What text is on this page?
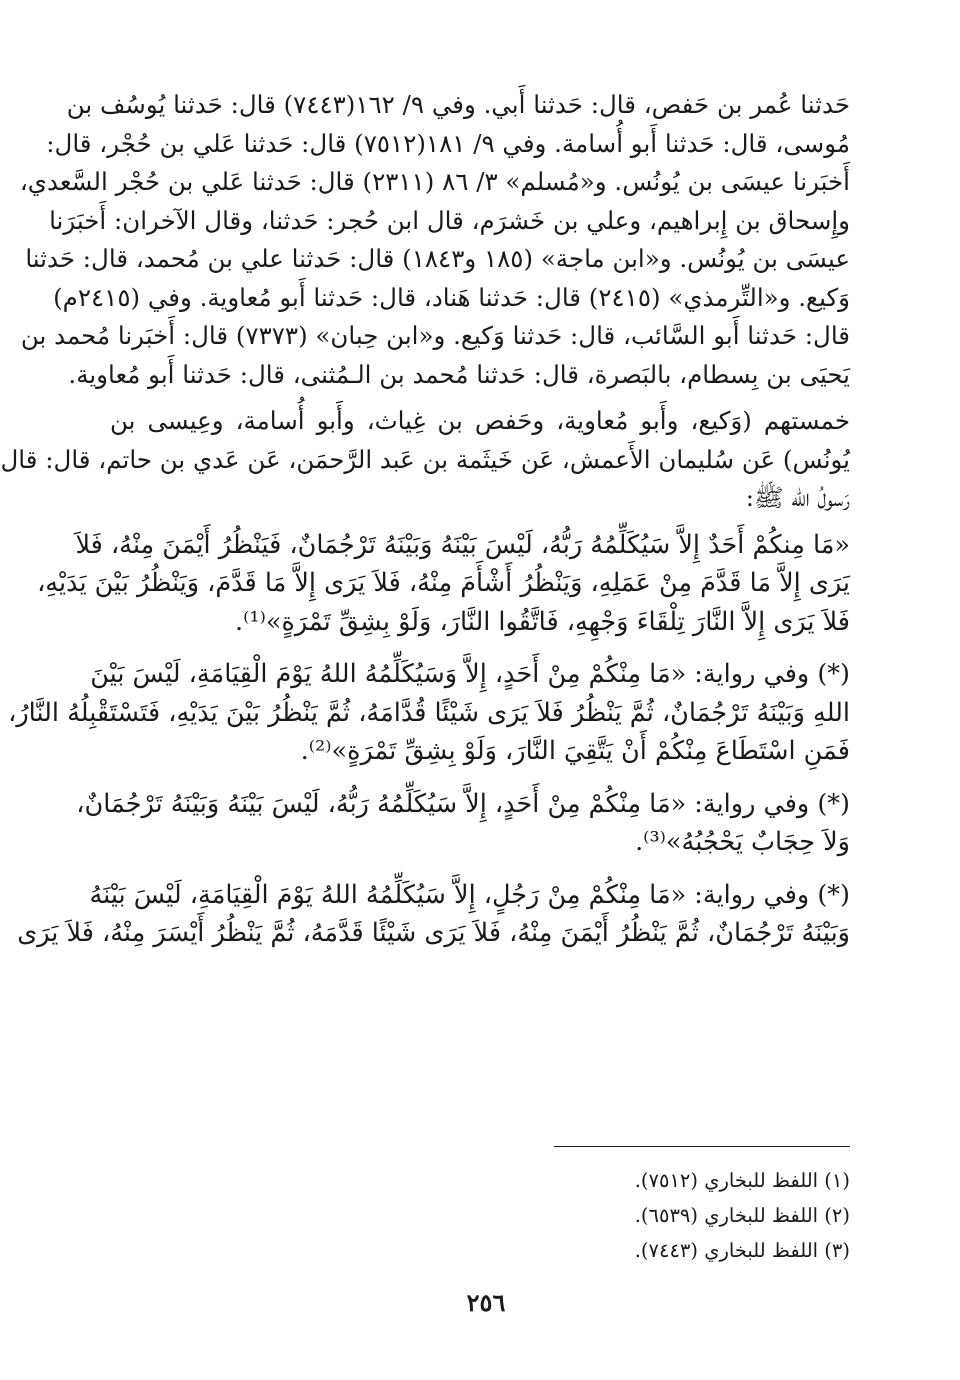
حَدثنا عُمر بن حَفص، قال: حَدثنا أَبي. وفي ٩/ ١٦٢(٧٤٤٣) قال: حَدثنا يُوسُف بن
مُوسى، قال: حَدثنا أَبو أُسامة. وفي ٩/ ١٨١(٧٥١٢) قال: حَدثنا عَلي بن حُجْر، قال:
أَخبَرنا عيسَى بن يُونُس. و«مُسلم» ٣/ ٨٦ (٢٣١١) قال: حَدثنا عَلي بن حُجْر السَّعدي،
وإِسحاق بن إِبراهيم، وعلي بن خَشرَم، قال ابن حُجر: حَدثنا، وقال الآخران: أَخبَرَنا
عيسَى بن يُونُس. و«ابن ماجة» (١٨٥ و١٨٤٣) قال: حَدثنا علي بن مُحمد، قال: حَدثنا
وَكيع. و«التِّرمذي» (٢٤١٥) قال: حَدثنا هَناد، قال: حَدثنا أَبو مُعاوية. وفي (٢٤١٥م)
قال: حَدثنا أَبو السَّائب، قال: حَدثنا وَكيع. و«ابن حِبان» (٧٣٧٣) قال: أَخبَرنا مُحمد بن
يَحيَى بن بِسطام، بالبَصرة، قال: حَدثنا مُحمد بن الـمُثنى، قال: حَدثنا أَبو مُعاوية.
خمستهم (وَكيع، وأَبو مُعاوية، وحَفص بن غِياث، وأَبو أُسامة، وعِيسى بن
يُونُس) عَن سُليمان الأَعمش، عَن خَيثَمة بن عَبد الرَّحمَن، عَن عَدي بن حاتم، قال: قال
رَسولُ الله ﷺ:
«مَا مِنكُمْ أَحَدٌ إِلاَّ سَيُكَلِّمُهُ رَبُّهُ، لَيْسَ بَيْنَهُ وَبَيْنَهُ تَرْجُمَانٌ، فَيَنْظُرُ أَيْمَنَ مِنْهُ، فَلاَ
يَرَى إِلاَّ مَا قَدَّمَ مِنْ عَمَلِهِ، وَيَنْظُرُ أَشْأَمَ مِنْهُ، فَلاَ يَرَى إِلاَّ مَا قَدَّمَ، وَيَنْظُرُ بَيْنَ يَدَيْهِ،
فَلاَ يَرَى إِلاَّ النَّارَ تِلْقَاءَ وَجْهِهِ، فَاتَّقُوا النَّارَ، وَلَوْ بِشِقِّ تَمْرَةٍ»⁽¹⁾.
(*) وفي رواية: «مَا مِنْكُمْ مِنْ أَحَدٍ، إِلاَّ وَسَيُكَلِّمُهُ اللهُ يَوْمَ الْقِيَامَةِ، لَيْسَ بَيْنَ
اللهِ وَبَيْنَهُ تَرْجُمَانٌ، ثُمَّ يَنْظُرُ فَلاَ يَرَى شَيْئًا قُدَّامَهُ، ثُمَّ يَنْظُرُ بَيْنَ يَدَيْهِ، فَتَسْتَقْبِلُهُ النَّارُ،
فَمَنِ اسْتَطَاعَ مِنْكُمْ أَنْ يَتَّقِيَ النَّارَ، وَلَوْ بِشِقِّ تَمْرَةٍ»⁽²⁾.
(*) وفي رواية: «مَا مِنْكُمْ مِنْ أَحَدٍ، إِلاَّ سَيُكَلِّمُهُ رَبُّهُ، لَيْسَ بَيْنَهُ وَبَيْنَهُ تَرْجُمَانٌ،
وَلاَ حِجَابٌ يَحْجُبُهُ»⁽³⁾.
(*) وفي رواية: «مَا مِنْكُمْ مِنْ رَجُلٍ، إِلاَّ سَيُكَلِّمُهُ اللهُ يَوْمَ الْقِيَامَةِ، لَيْسَ بَيْنَهُ
وَبَيْنَهُ تَرْجُمَانٌ، ثُمَّ يَنْظُرُ أَيْمَنَ مِنْهُ، فَلاَ يَرَى شَيْئًا قَدَّمَهُ، ثُمَّ يَنْظُرُ أَيْسَرَ مِنْهُ، فَلاَ يَرَى
(١) اللفظ للبخاري (٧٥١٢).
(٢) اللفظ للبخاري (٦٥٣٩).
(٣) اللفظ للبخاري (٧٤٤٣).
٢٥٦
